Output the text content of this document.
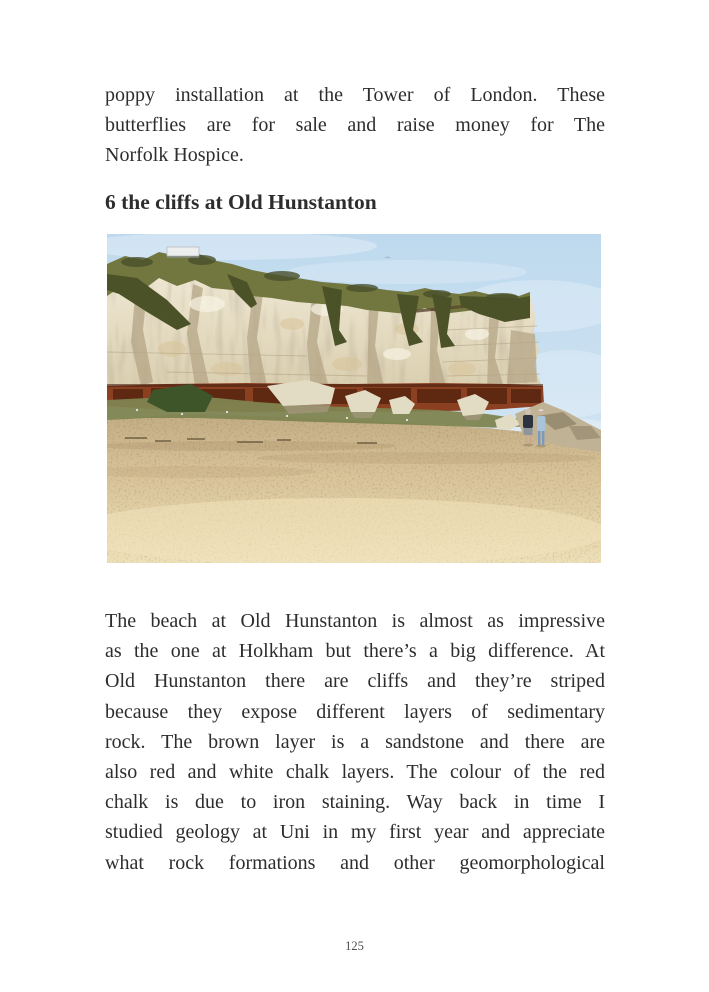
poppy installation at the Tower of London. These
butterflies are for sale and raise money for The
Norfolk Hospice.
6 the cliffs at Old Hunstanton
The beach at Old Hunstanton is almost as impressive
as the one at Holkham but there’s a big difference. At
Old Hunstanton there are cliffs and they’re striped
because they expose different layers of sedimentary
rock. The brown layer is a sandstone and there are
also red and white chalk layers. The colour of the red
chalk is due to iron staining. Way back in time I
studied geology at Uni in my first year and appreciate
what rock formations and other geomorphological
125
